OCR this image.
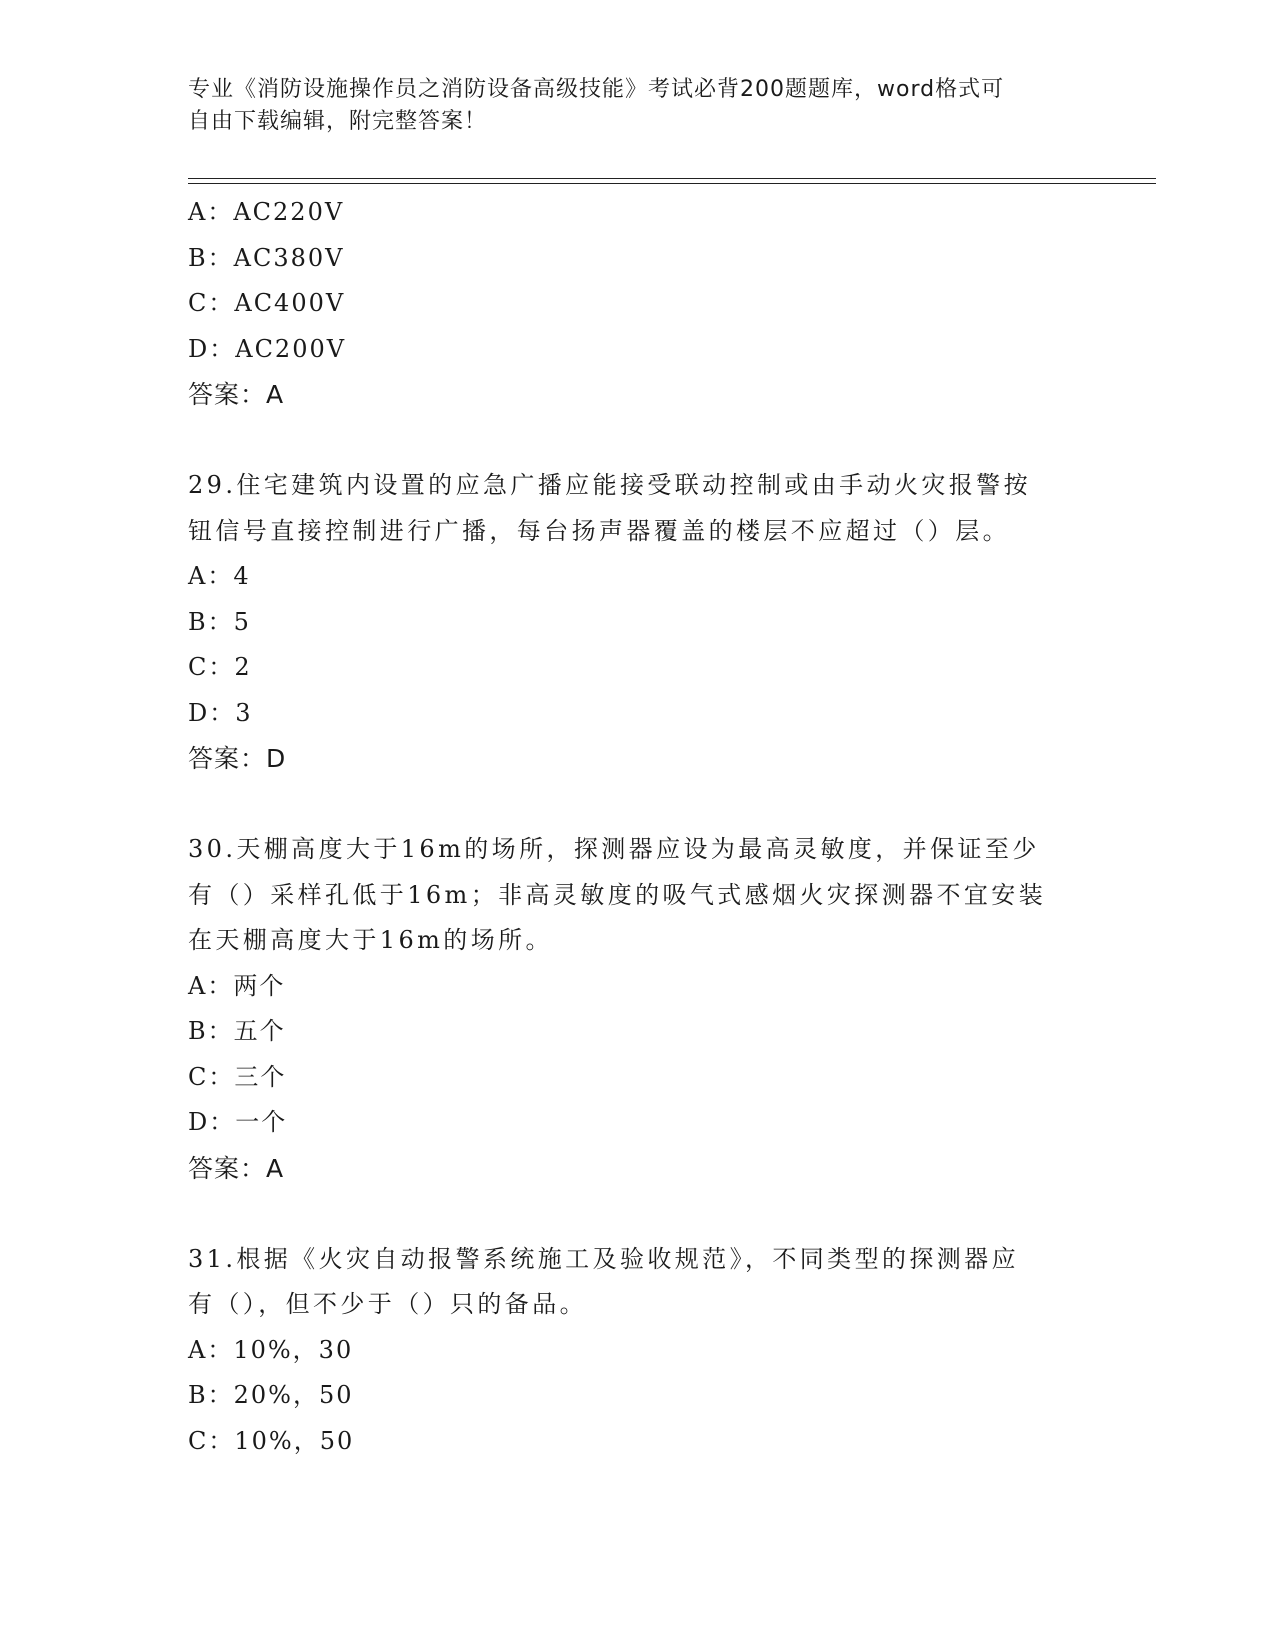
专业《消防设施操作员之消防设备高级技能》考试必背200题题库，word格式可
自由下载编辑，附完整答案！
A：AC220V
B：AC380V
C：AC400V
D：AC200V
答案：A
29.住宅建筑内设置的应急广播应能接受联动控制或由手动火灾报警按
钮信号直接控制进行广播，每台扬声器覆盖的楼层不应超过（）层。
A：4
B：5
C：2
D：3
答案：D
30.天棚高度大于16m的场所，探测器应设为最高灵敏度，并保证至少
有（）采样孔低于16m；非高灵敏度的吸气式感烟火灾探测器不宜安装
在天棚高度大于16m的场所。
A：两个
B：五个
C：三个
D：一个
答案：A
31.根据《火灾自动报警系统施工及验收规范》，不同类型的探测器应
有（），但不少于（）只的备品。
A：10%，30
B：20%，50
C：10%，50
